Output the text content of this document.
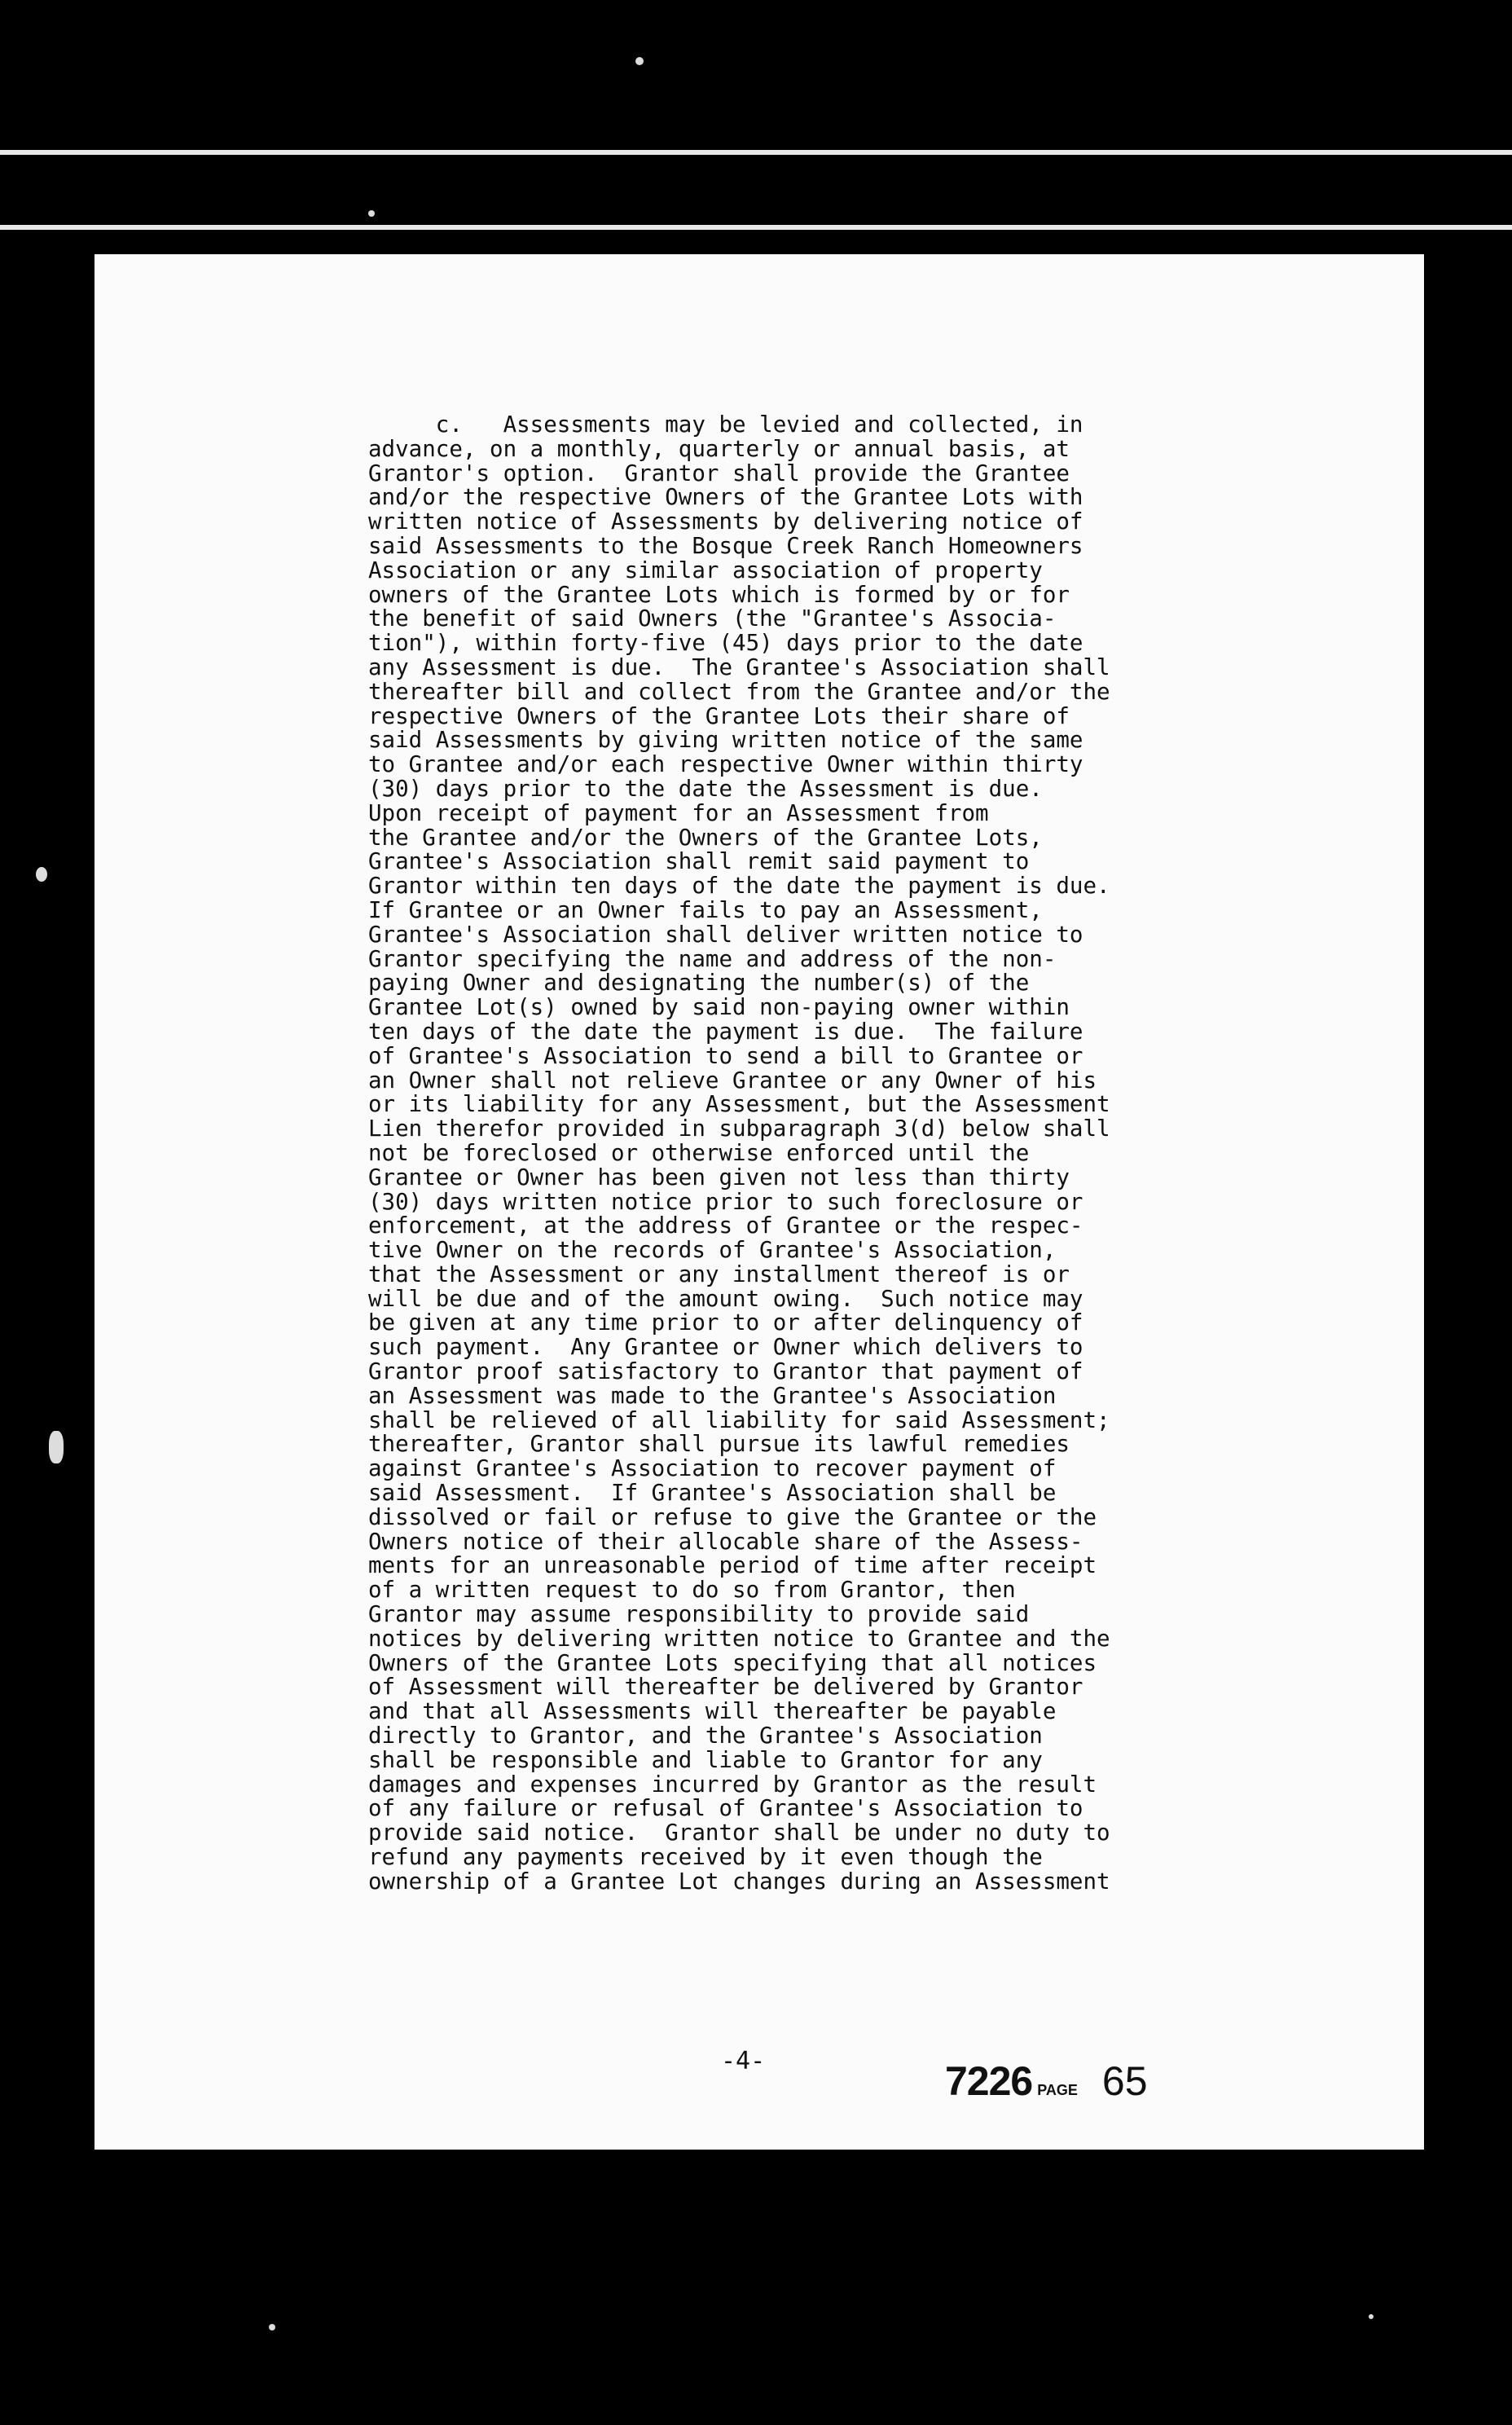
c.   Assessments may be levied and collected, in
advance, on a monthly, quarterly or annual basis, at
Grantor's option.  Grantor shall provide the Grantee
and/or the respective Owners of the Grantee Lots with
written notice of Assessments by delivering notice of
said Assessments to the Bosque Creek Ranch Homeowners
Association or any similar association of property
owners of the Grantee Lots which is formed by or for
the benefit of said Owners (the "Grantee's Associa-
tion"), within forty-five (45) days prior to the date
any Assessment is due.  The Grantee's Association shall
thereafter bill and collect from the Grantee and/or the
respective Owners of the Grantee Lots their share of
said Assessments by giving written notice of the same
to Grantee and/or each respective Owner within thirty
(30) days prior to the date the Assessment is due.
Upon receipt of payment for an Assessment from
the Grantee and/or the Owners of the Grantee Lots,
Grantee's Association shall remit said payment to
Grantor within ten days of the date the payment is due.
If Grantee or an Owner fails to pay an Assessment,
Grantee's Association shall deliver written notice to
Grantor specifying the name and address of the non-
paying Owner and designating the number(s) of the
Grantee Lot(s) owned by said non-paying owner within
ten days of the date the payment is due.  The failure
of Grantee's Association to send a bill to Grantee or
an Owner shall not relieve Grantee or any Owner of his
or its liability for any Assessment, but the Assessment
Lien therefor provided in subparagraph 3(d) below shall
not be foreclosed or otherwise enforced until the
Grantee or Owner has been given not less than thirty
(30) days written notice prior to such foreclosure or
enforcement, at the address of Grantee or the respec-
tive Owner on the records of Grantee's Association,
that the Assessment or any installment thereof is or
will be due and of the amount owing.  Such notice may
be given at any time prior to or after delinquency of
such payment.  Any Grantee or Owner which delivers to
Grantor proof satisfactory to Grantor that payment of
an Assessment was made to the Grantee's Association
shall be relieved of all liability for said Assessment;
thereafter, Grantor shall pursue its lawful remedies
against Grantee's Association to recover payment of
said Assessment.  If Grantee's Association shall be
dissolved or fail or refuse to give the Grantee or the
Owners notice of their allocable share of the Assess-
ments for an unreasonable period of time after receipt
of a written request to do so from Grantor, then
Grantor may assume responsibility to provide said
notices by delivering written notice to Grantee and the
Owners of the Grantee Lots specifying that all notices
of Assessment will thereafter be delivered by Grantor
and that all Assessments will thereafter be payable
directly to Grantor, and the Grantee's Association
shall be responsible and liable to Grantor for any
damages and expenses incurred by Grantor as the result
of any failure or refusal of Grantee's Association to
provide said notice.  Grantor shall be under no duty to
refund any payments received by it even though the
ownership of a Grantee Lot changes during an Assessment
-4-	7226 PAGE 65
